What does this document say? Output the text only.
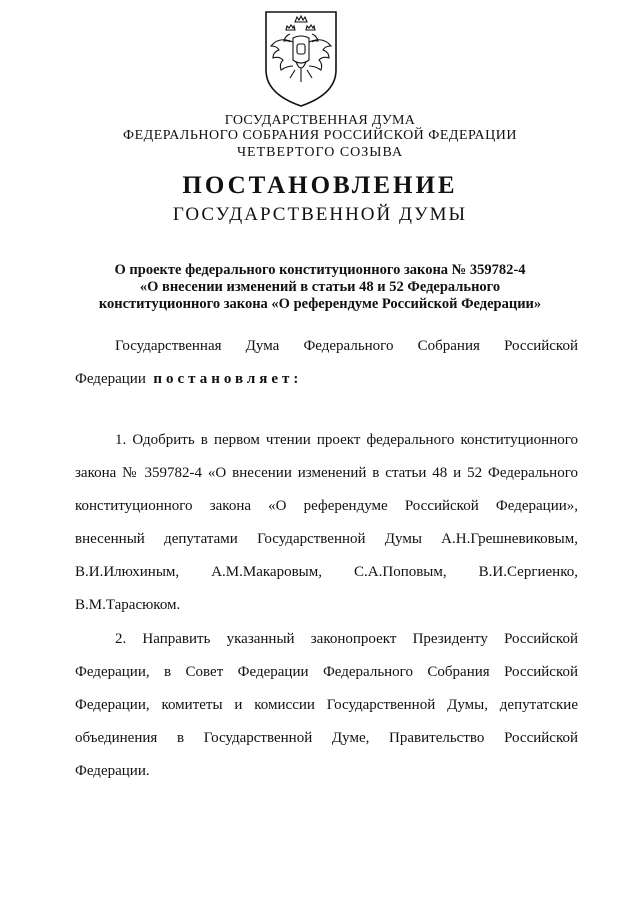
ГОСУДАРСТВЕННАЯ ДУМА
ФЕДЕРАЛЬНОГО СОБРАНИЯ РОССИЙСКОЙ ФЕДЕРАЦИИ
ЧЕТВЕРТОГО СОЗЫВА
ПОСТАНОВЛЕНИЕ
ГОСУДАРСТВЕННОЙ ДУМЫ
О проекте федерального конституционного закона № 359782-4
«О внесении изменений в статьи 48 и 52 Федерального
конституционного закона «О референдуме Российской Федерации»
Государственная Дума Федерального Собрания Российской
Федерации постановляет:
1. Одобрить в первом чтении проект федерального конституционного
закона № 359782-4 «О внесении изменений в статьи 48 и 52 Федерального
конституционного закона «О референдуме Российской Федерации»,
внесенный депутатами Государственной Думы А.Н.Грешневиковым,
В.И.Илюхиным, А.М.Макаровым, С.А.Поповым, В.И.Сергиенко,
В.М.Тарасюком.
2. Направить указанный законопроект Президенту Российской
Федерации, в Совет Федерации Федерального Собрания Российской
Федерации, комитеты и комиссии Государственной Думы, депутатские
объединения в Государственной Думе, Правительство Российской
Федерации.
